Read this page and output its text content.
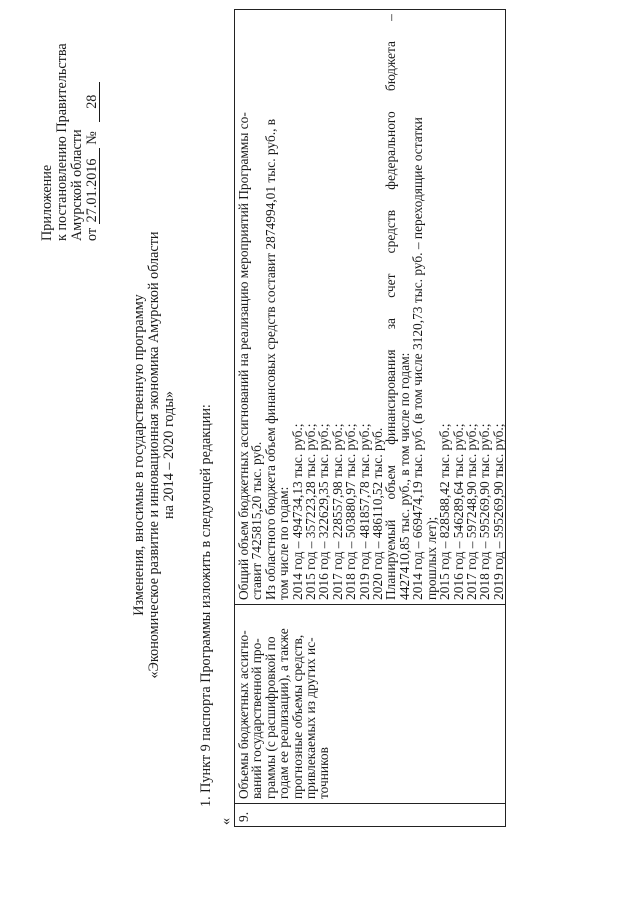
Приложение к постановлению Правительства Амурской области от 27.01.2016 № 28
Изменения, вносимые в государственную программу «Экономическое развитие и инновационная экономика Амурской области на 2014 – 2020 годы» 1. Пункт 9 паспорта Программы изложить в следующей редакции:
« 9.	
Объемы бюджетных ассигно-
ваний государственной про-
граммы (с расшифровкой по
годам ее реализации), а также
прогнозные объемы средств,
привлекаемых из других ис-
точников

Общий объем бюджетных ассигнований на реализацию мероприятий Программы со-
ставит 7425815,20 тыс. руб.
Из областного бюджета объем финансовых средств составит 2874994,01 тыс. руб., в
том числе по годам:
2014 год – 494734,13 тыс. руб.;
2015 год – 357223,28 тыс. руб.;
2016 год – 322629,35 тыс. руб.;
2017 год – 228557,98 тыс. руб.;
2018 год – 503880,97 тыс. руб.;
2019 год – 481857,78 тыс. руб.;
2020 год – 486110,52 тыс. руб.
Планируемый
объем
финансирования
за
счет
средств
федерального
бюджета
–
4427410,85 тыс. руб., в том числе по годам:
2014 год – 669474,19 тыс. руб. (в том числе 3120,73 тыс. руб. – переходящие остатки
прошлых лет);
2015 год – 828588,42 тыс. руб.;
2016 год – 546289,64 тыс. руб.;
2017 год – 597248,90 тыс. руб.;
2018 год – 595269,90 тыс. руб.;
2019 год – 595269,90 тыс. руб.;
